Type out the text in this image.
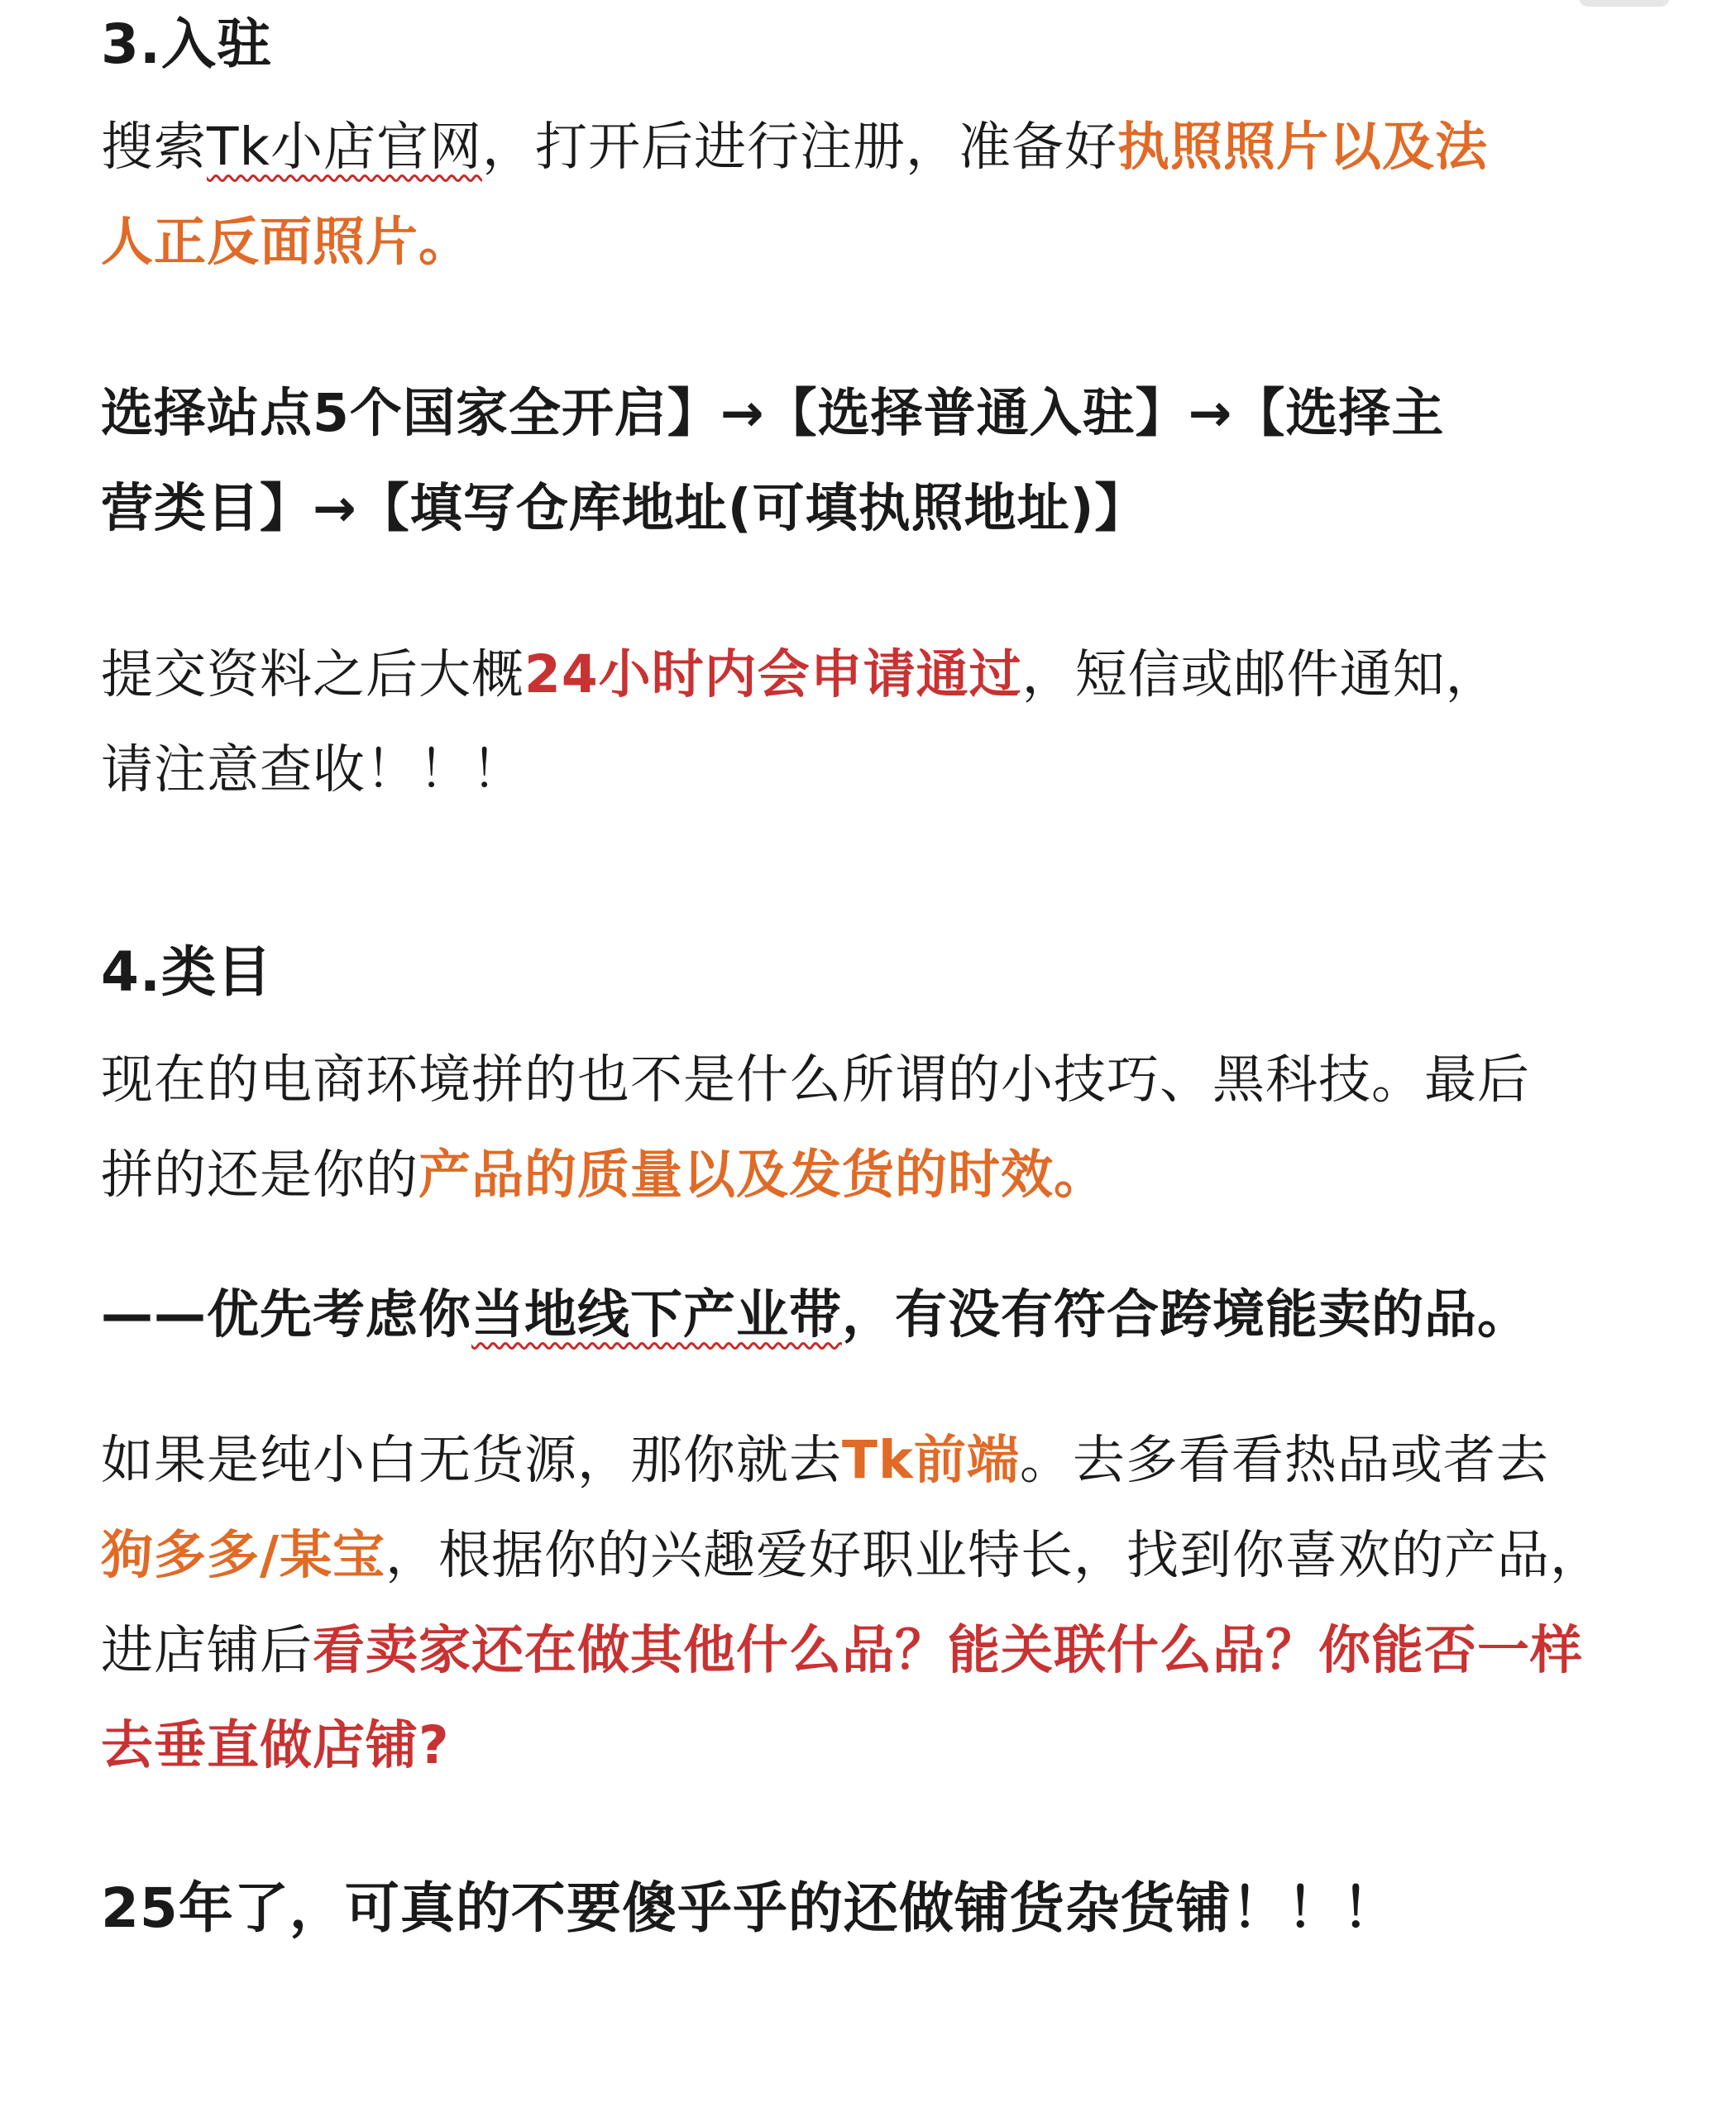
3.入驻
搜索Tk小店官网，打开后进行注册，准备好执照照片以及法
人正反面照片。
选择站点5个国家全开启】→【选择普通入驻】→【选择主
营类目】→【填写仓库地址(可填执照地址)】
提交资料之后大概24小时内会申请通过，短信或邮件通知，
请注意查收！！！
4.类目
现在的电商环境拼的也不是什么所谓的小技巧、黑科技。最后
拼的还是你的产品的质量以及发货的时效。
——优先考虑你当地线下产业带，有没有符合跨境能卖的品。
如果是纯小白无货源，那你就去Tk前端。去多看看热品或者去
狗多多/某宝，根据你的兴趣爱好职业特长，找到你喜欢的产品，
进店铺后看卖家还在做其他什么品？能关联什么品？你能否一样
去垂直做店铺?
25年了，可真的不要傻乎乎的还做铺货杂货铺！！！
